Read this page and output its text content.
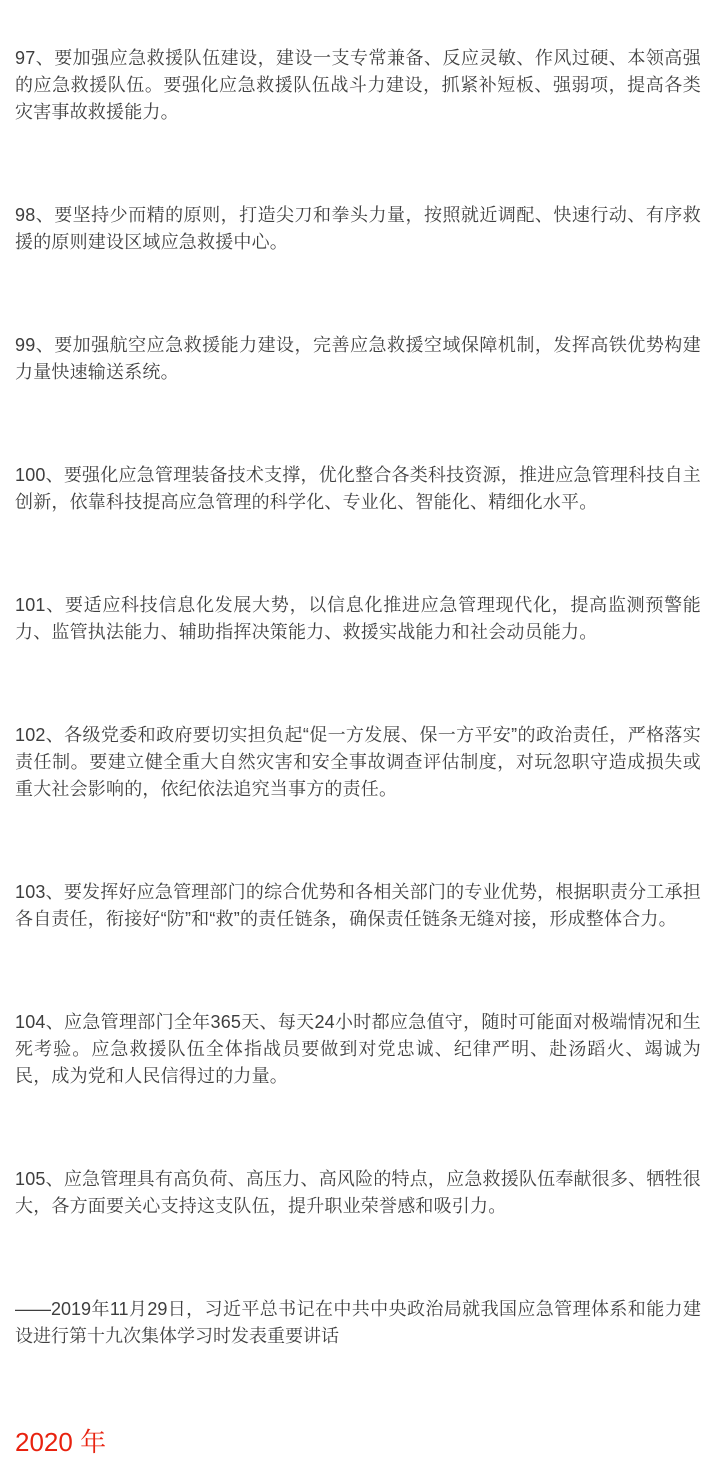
97、要加强应急救援队伍建设，建设一支专常兼备、反应灵敏、作风过硬、本领高强的应急救援队伍。要强化应急救援队伍战斗力建设，抓紧补短板、强弱项，提高各类灾害事故救援能力。

98、要坚持少而精的原则，打造尖刀和拳头力量，按照就近调配、快速行动、有序救援的原则建设区域应急救援中心。

99、要加强航空应急救援能力建设，完善应急救援空域保障机制，发挥高铁优势构建力量快速输送系统。

100、要强化应急管理装备技术支撑，优化整合各类科技资源，推进应急管理科技自主创新，依靠科技提高应急管理的科学化、专业化、智能化、精细化水平。

101、要适应科技信息化发展大势，以信息化推进应急管理现代化，提高监测预警能力、监管执法能力、辅助指挥决策能力、救援实战能力和社会动员能力。

102、各级党委和政府要切实担负起“促一方发展、保一方平安”的政治责任，严格落实责任制。要建立健全重大自然灾害和安全事故调查评估制度，对玩忽职守造成损失或重大社会影响的，依纪依法追究当事方的责任。

103、要发挥好应急管理部门的综合优势和各相关部门的专业优势，根据职责分工承担各自责任，衔接好“防”和“救”的责任链条，确保责任链条无缝对接，形成整体合力。

104、应急管理部门全年365天、每天24小时都应急值守，随时可能面对极端情况和生死考验。应急救援队伍全体指战员要做到对党忠诚、纪律严明、赴汤蹈火、竭诚为民，成为党和人民信得过的力量。

105、应急管理具有高负荷、高压力、高风险的特点，应急救援队伍奉献很多、牺牲很大，各方面要关心支持这支队伍，提升职业荣誉感和吸引力。

——2019年11月29日，习近平总书记在中共中央政治局就我国应急管理体系和能力建设进行第十九次集体学习时发表重要讲话

2020 年
